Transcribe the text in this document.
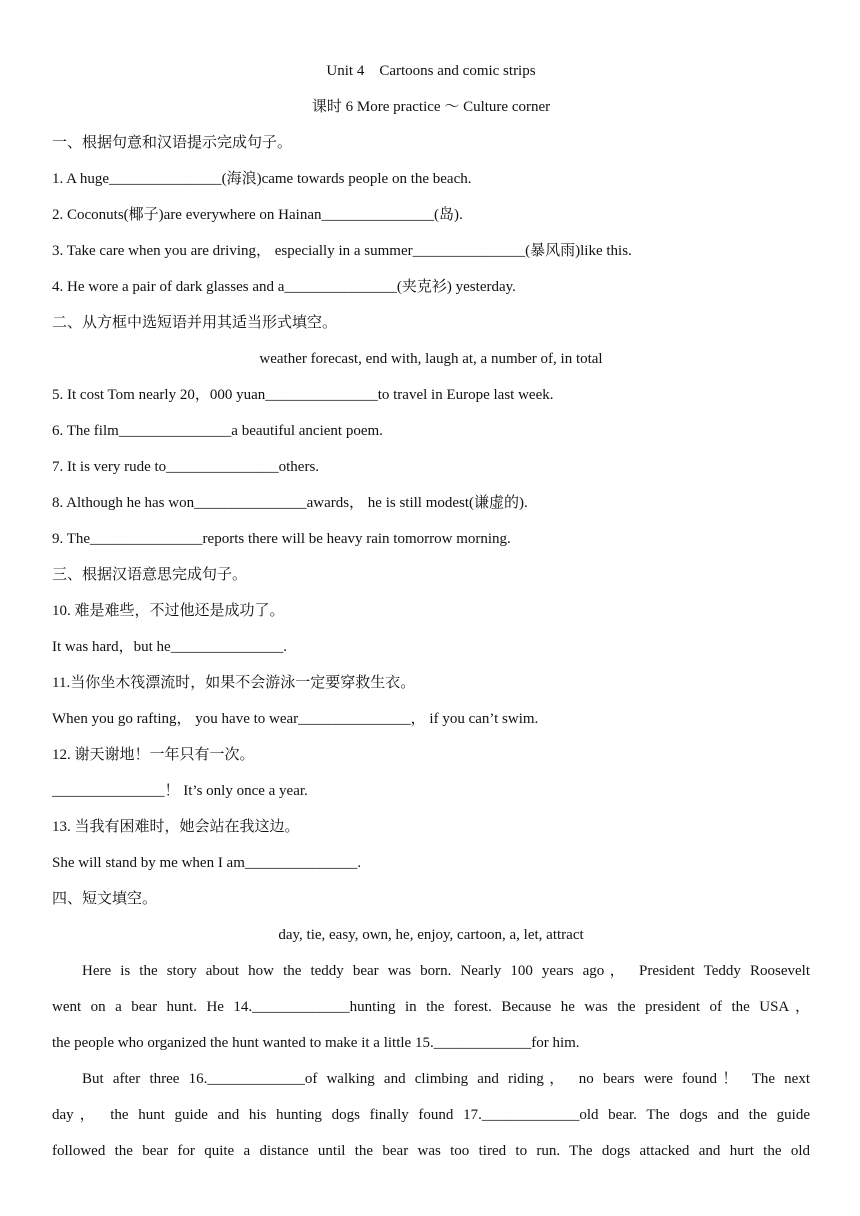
Unit 4　Cartoons and comic strips
课时 6 More practice ～ Culture corner
一、根据句意和汉语提示完成句子。
1. A huge_______________(海浪)came towards people on the beach.
2. Coconuts(椰子)are everywhere on Hainan_______________(岛).
3. Take care when you are driving， especially in a summer_______________(暴风雨)like this.
4. He wore a pair of dark glasses and a_______________(夹克衫) yesterday.
二、从方框中选短语并用其适当形式填空。
weather forecast, end with, laugh at, a number of, in total
5. It cost Tom nearly 20，000 yuan_______________to travel in Europe last week.
6. The film_______________a beautiful ancient poem.
7. It is very rude to_______________others.
8. Although he has won_______________awards， he is still modest(谦虚的).
9. The_______________reports there will be heavy rain tomorrow morning.
三、根据汉语意思完成句子。
10. 难是难些，不过他还是成功了。
It was hard，but he_______________.
11.当你坐木筏漂流时，如果不会游泳一定要穿救生衣。
When you go rafting， you have to wear_______________， if you can’t swim.
12. 谢天谢地！一年只有一次。
_______________！ It’s only once a year.
13. 当我有困难时，她会站在我这边。
She will stand by me when I am_______________.
四、短文填空。
day, tie, easy, own, he, enjoy, cartoon, a, let, attract
Here is the story about how the teddy bear was born. Nearly 100 years ago， President Teddy Roosevelt
went on a bear hunt. He 14._____________hunting in the forest. Because he was the president of the USA，
the people who organized the hunt wanted to make it a little 15._____________for him.
But after three 16._____________of walking and climbing and riding， no bears were found！ The next
day， the hunt guide and his hunting dogs finally found 17._____________old bear. The dogs and the guide
followed the bear for quite a distance until the bear was too tired to run. The dogs attacked and hurt the old
